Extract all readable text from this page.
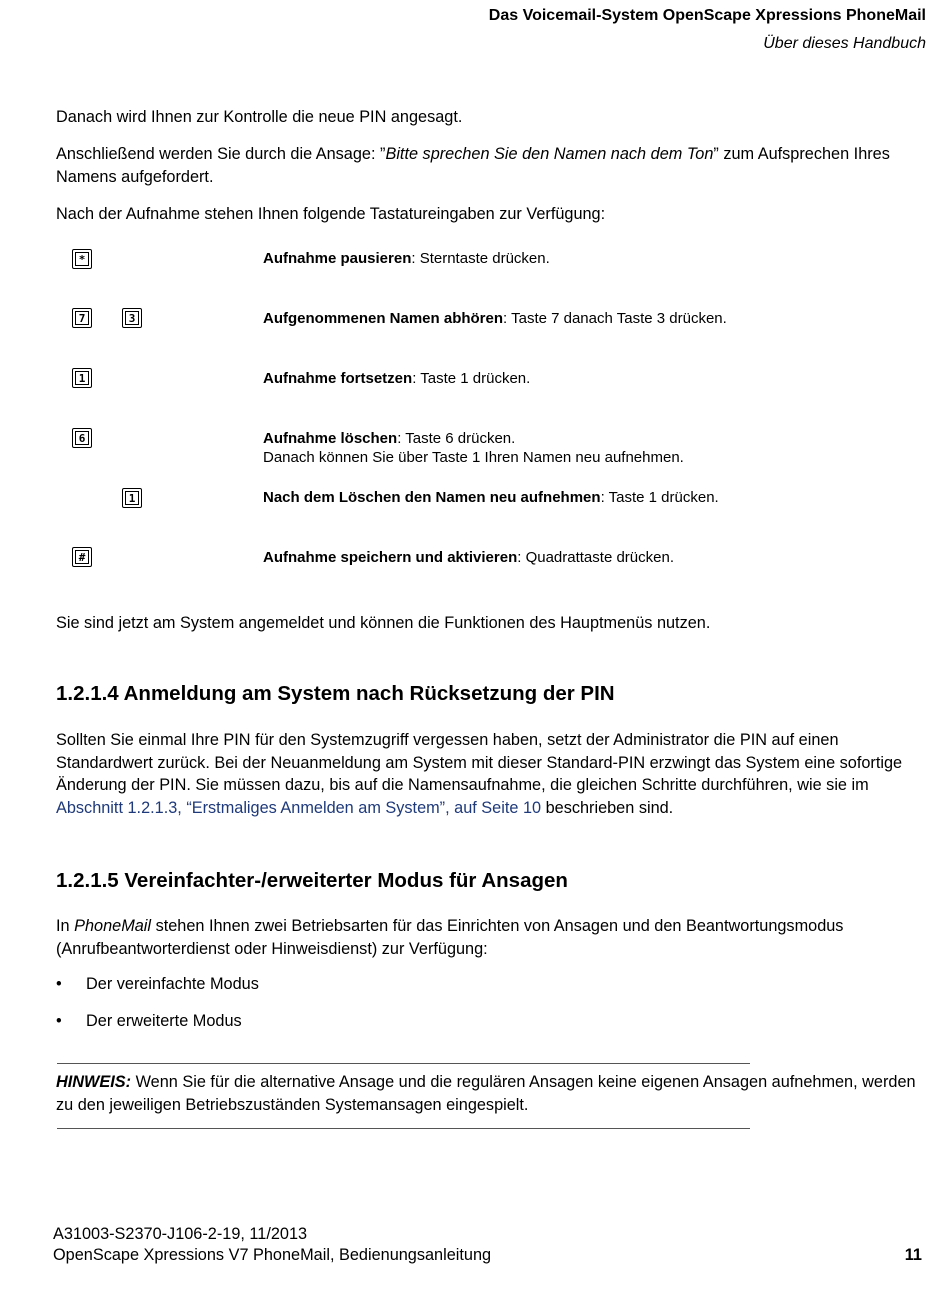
Das Voicemail-System OpenScape Xpressions PhoneMail
Über dieses Handbuch
Danach wird Ihnen zur Kontrolle die neue PIN angesagt.
Anschließend werden Sie durch die Ansage: ”Bitte sprechen Sie den Namen nach dem Ton” zum Aufsprechen Ihres Namens aufgefordert.
Nach der Aufnahme stehen Ihnen folgende Tastatureingaben zur Verfügung:
*	Aufnahme pausieren: Sterntaste drücken.
7	3	Aufgenommenen Namen abhören: Taste 7 danach Taste 3 drücken.
1	Aufnahme fortsetzen: Taste 1 drücken.
6	Aufnahme löschen: Taste 6 drücken.
Danach können Sie über Taste 1 Ihren Namen neu aufnehmen.
1	Nach dem Löschen den Namen neu aufnehmen: Taste 1 drücken.
#	Aufnahme speichern und aktivieren: Quadrattaste drücken.
Sie sind jetzt am System angemeldet und können die Funktionen des Hauptmenüs nutzen.
1.2.1.4 Anmeldung am System nach Rücksetzung der PIN
Sollten Sie einmal Ihre PIN für den Systemzugriff vergessen haben, setzt der Administrator die PIN auf einen Standardwert zurück. Bei der Neuanmeldung am System mit dieser Standard-PIN erzwingt das System eine sofortige Änderung der PIN. Sie müssen dazu, bis auf die Namensaufnahme, die gleichen Schritte durchführen, wie sie im Abschnitt 1.2.1.3, “Erstmaliges Anmelden am System”, auf Seite 10 beschrieben sind.
1.2.1.5 Vereinfachter-/erweiterter Modus für Ansagen
In PhoneMail stehen Ihnen zwei Betriebsarten für das Einrichten von Ansagen und den Beantwortungsmodus (Anrufbeantworterdienst oder Hinweisdienst) zur Verfügung:
• Der vereinfachte Modus
• Der erweiterte Modus
HINWEIS: Wenn Sie für die alternative Ansage und die regulären Ansagen keine eigenen Ansagen aufnehmen, werden zu den jeweiligen Betriebszuständen Systemansagen eingespielt.
A31003-S2370-J106-2-19, 11/2013
OpenScape Xpressions V7 PhoneMail, Bedienungsanleitung	11
